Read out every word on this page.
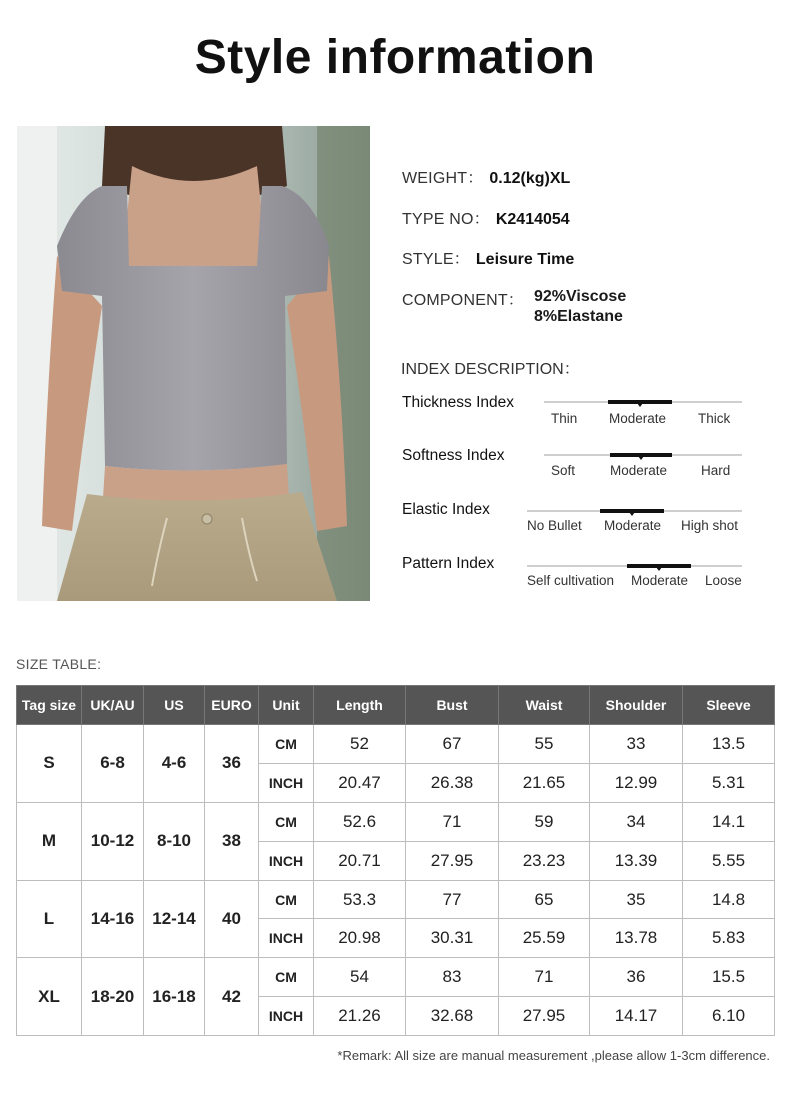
Style information
WEIGHT： 0.12(kg)XL
TYPE NO： K2414054
STYLE： Leisure Time
COMPONENT： 92%Viscose
8%Elastane
INDEX DESCRIPTION：
Thickness Index
Thin Moderate Thick
Softness Index
Soft	Moderate	Hard
Elastic Index
No Bullet Moderate High shot
Pattern Index
Self cultivation Moderate Loose
SIZE TABLE:
Tag size	UK/AU	US	EURO	Unit	Length	Bust	Waist	Shoulder	Sleeve
S	6-8	4-6	36	CM	52	67	55	33	13.5
				INCH	20.47	26.38	21.65	12.99	5.31
M	10-12	8-10	38	CM	52.6	71	59	34	14.1
				INCH	20.71	27.95	23.23	13.39	5.55
L	14-16	12-14	40	CM	53.3	77	65	35	14.8
				INCH	20.98	30.31	25.59	13.78	5.83
XL	18-20	16-18	42	CM	54	83	71	36	15.5
				INCH	21.26	32.68	27.95	14.17	6.10
*Remark: All size are manual measurement ,please allow 1-3cm difference.
